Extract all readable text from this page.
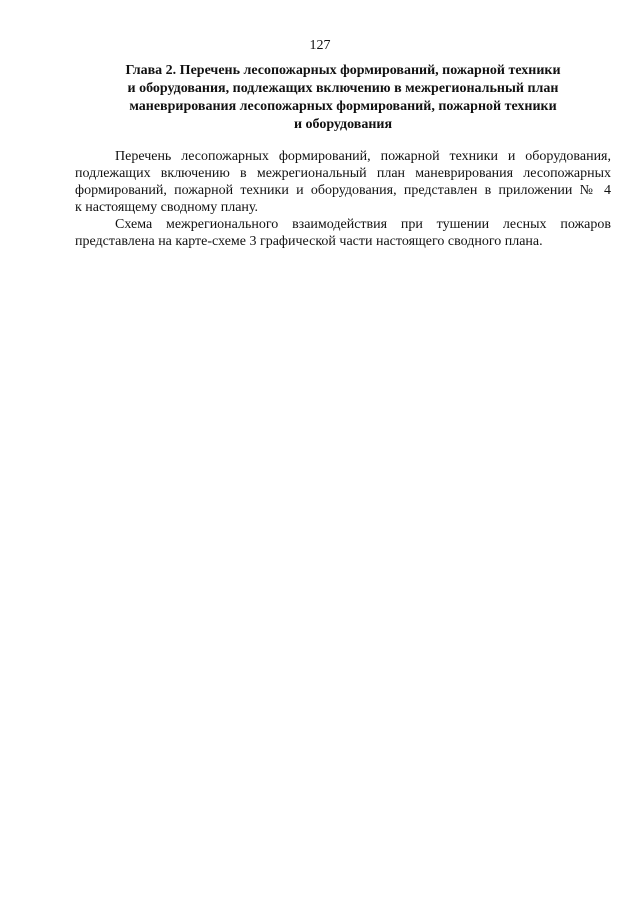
127
Глава 2. Перечень лесопожарных формирований, пожарной техники
и оборудования, подлежащих включению в межрегиональный план
маневрирования лесопожарных формирований, пожарной техники
и оборудования
Перечень лесопожарных формирований, пожарной техники и оборудования,
подлежащих включению в межрегиональный план маневрирования лесопожарных
формирований, пожарной техники и оборудования, представлен в приложении № 4
к настоящему сводному плану.
Схема межрегионального взаимодействия при тушении лесных пожаров
представлена на карте-схеме 3 графической части настоящего сводного плана.
